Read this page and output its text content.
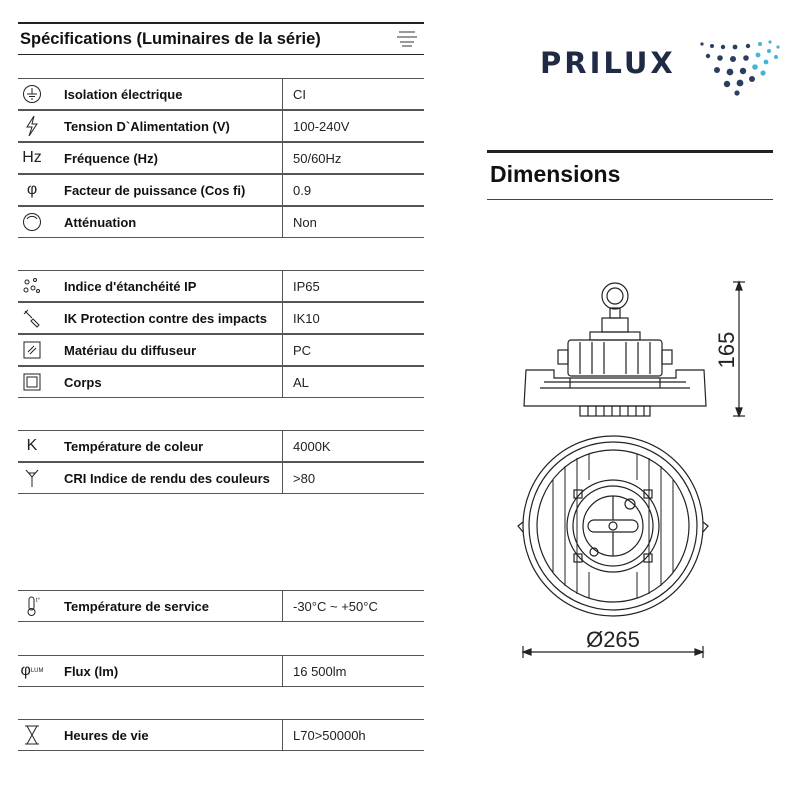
Spécifications (Luminaires de la série)
Isolation électrique	CI
Tension D`Alimentation (V)	100-240V
Hz Fréquence (Hz)	50/60Hz
φ	Facteur de puissance (Cos fi)	0.9
Atténuation	Non
Indice d'étanchéité IP	IP65
IK Protection contre des impacts IK10
Matériau du diffuseur	PC
Corps	AL
K	Température de coleur	4000K
CRI Indice de rendu des couleurs >80
t° Température de service	-30°C ~ +50°C
φ LUM Flux (lm)	16 500lm
Heures de vie	L70>50000h
PRILUX
Dimensions
165
Ø265
